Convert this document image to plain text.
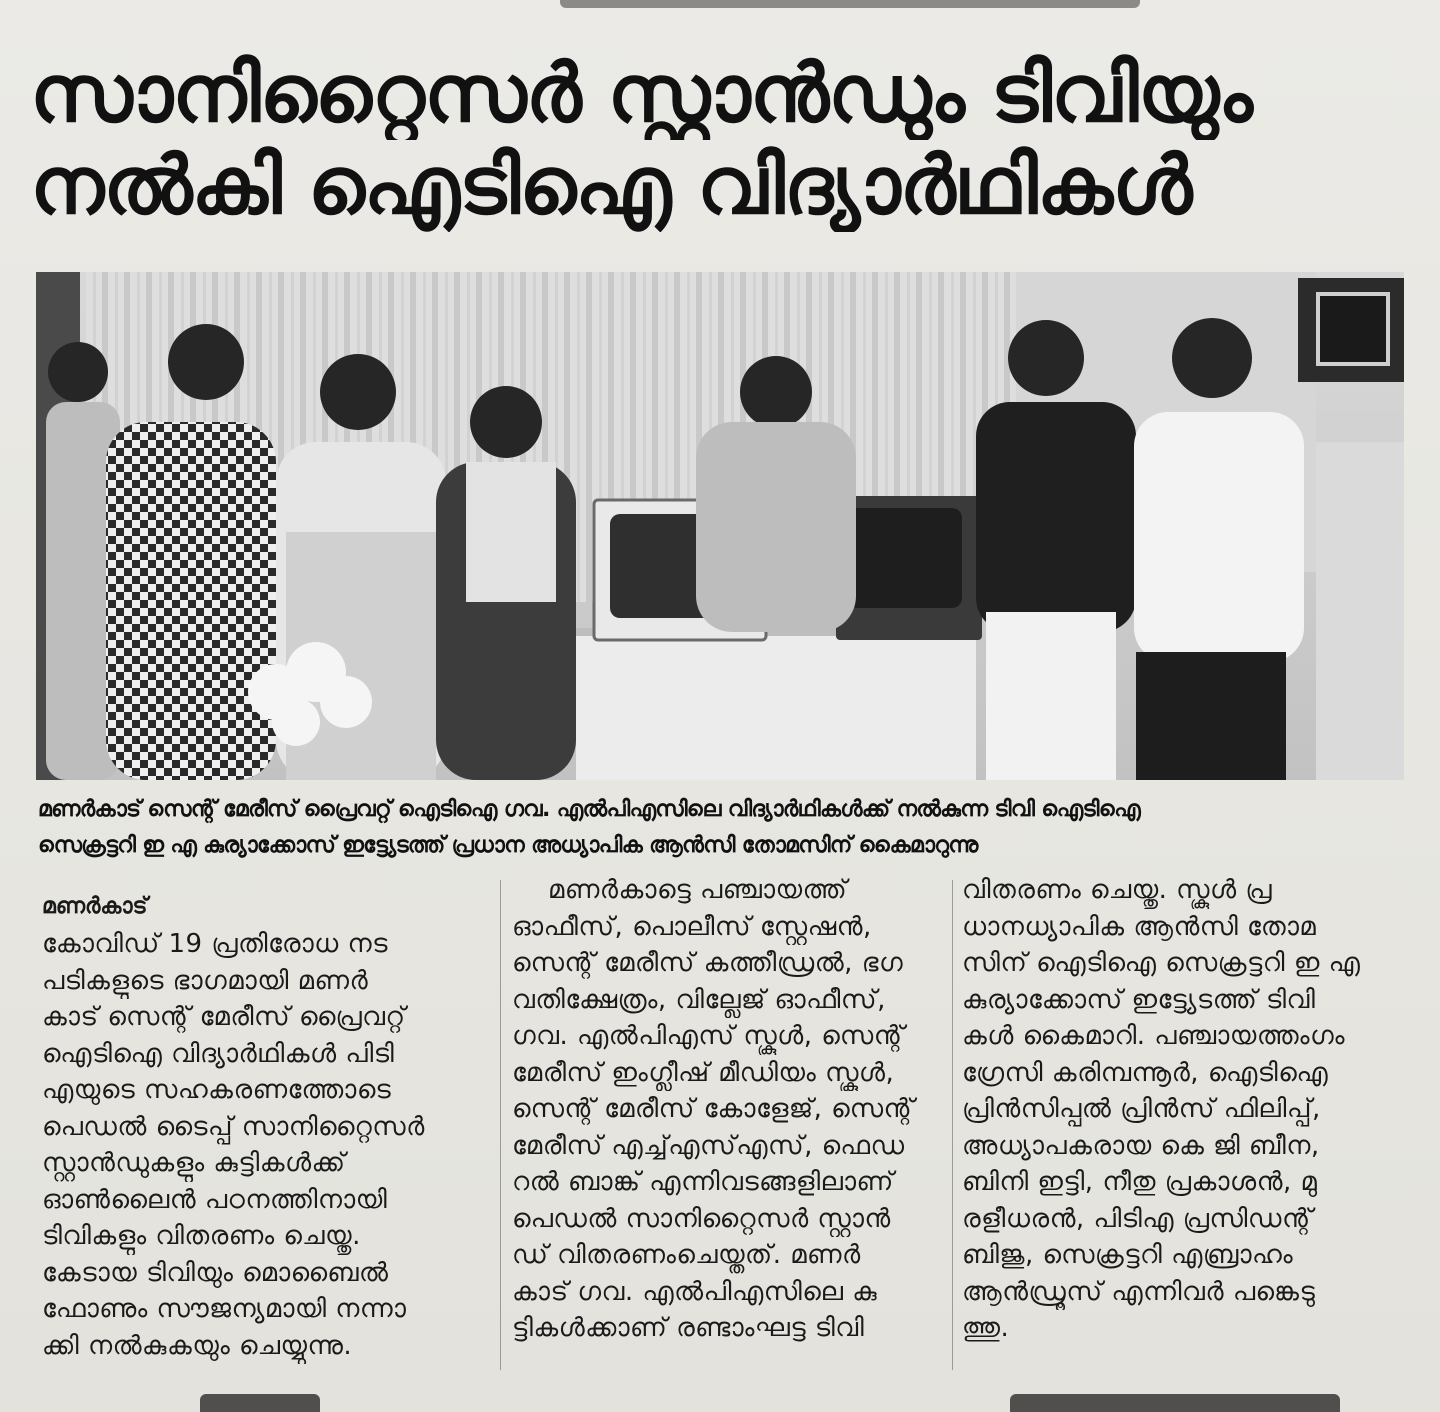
സാനിറ്റൈസർ സ്റ്റാൻഡും ടിവിയും
നൽകി ഐടിഐ വിദ്യാർഥികൾ
മണർകാട് സെന്റ് മേരീസ് പ്രൈവറ്റ് ഐടിഐ ഗവ. എൽപിഎസിലെ വിദ്യാർഥികൾക്ക് നൽകുന്ന ടിവി ഐടിഐ
സെക്രട്ടറി ഇ എ കുര്യാക്കോസ് ഇട്ട്യേടത്ത് പ്രധാന അധ്യാപിക ആൻസി തോമസിന് കൈമാറുന്നു
മണർകാട്
കോവിഡ് 19 പ്രതിരോധ നട
പടികളുടെ ഭാഗമായി മണർ
കാട് സെന്റ് മേരീസ് പ്രൈവറ്റ്
ഐടിഐ വിദ്യാർഥികൾ പിടി
എയുടെ സഹകരണത്തോടെ
പെഡൽ ടൈപ്പ് സാനിറ്റൈസർ
സ്റ്റാൻഡുകളും കുട്ടികൾക്ക്
ഓൺലൈൻ പഠനത്തിനായി
ടിവികളും വിതരണം ചെയ്തു.
കേടായ ടിവിയും മൊബൈൽ
ഫോണും സൗജന്യമായി നന്നാ
ക്കി നൽകുകയും ചെയ്യുന്നു.
മണർകാട്ടെ പഞ്ചായത്ത്
ഓഫീസ്, പൊലീസ് സ്റ്റേഷൻ,
സെന്റ് മേരീസ് കത്തീഡ്രൽ, ഭഗ
വതിക്ഷേത്രം, വില്ലേജ് ഓഫീസ്,
ഗവ. എൽപിഎസ് സ്കൂൾ, സെന്റ്
മേരീസ് ഇംഗ്ലീഷ് മീഡിയം സ്കൂൾ,
സെന്റ് മേരീസ് കോളേജ്, സെന്റ്
മേരീസ് എച്ച്എസ്എസ്, ഫെഡ
റൽ ബാങ്ക് എന്നിവടങ്ങളിലാണ്
പെഡൽ സാനിറ്റൈസർ സ്റ്റാൻ
ഡ് വിതരണംചെയ്തത്. മണർ
കാട് ഗവ. എൽപിഎസിലെ കു
ട്ടികൾക്കാണ് രണ്ടാംഘട്ട ടിവി
വിതരണം ചെയ്തു. സ്കൂൾ പ്ര
ധാനധ്യാപിക ആൻസി തോമ
സിന് ഐടിഐ സെക്രട്ടറി ഇ എ
കുര്യാക്കോസ് ഇട്ട്യേടത്ത് ടിവി
കൾ കൈമാറി. പഞ്ചായത്തംഗം
ഗ്രേസി കരിമ്പന്നൂർ, ഐടിഐ
പ്രിൻസിപ്പൽ പ്രിൻസ് ഫിലിപ്പ്,
അധ്യാപകരായ കെ ജി ബീന,
ബിനി ഇട്ടി, നീതു പ്രകാശൻ, മു
രളീധരൻ, പിടിഎ പ്രസിഡന്റ്
ബിജു, സെക്രട്ടറി എബ്രാഹം
ആൻഡ്രൂസ് എന്നിവർ പങ്കെടു
ത്തു.
